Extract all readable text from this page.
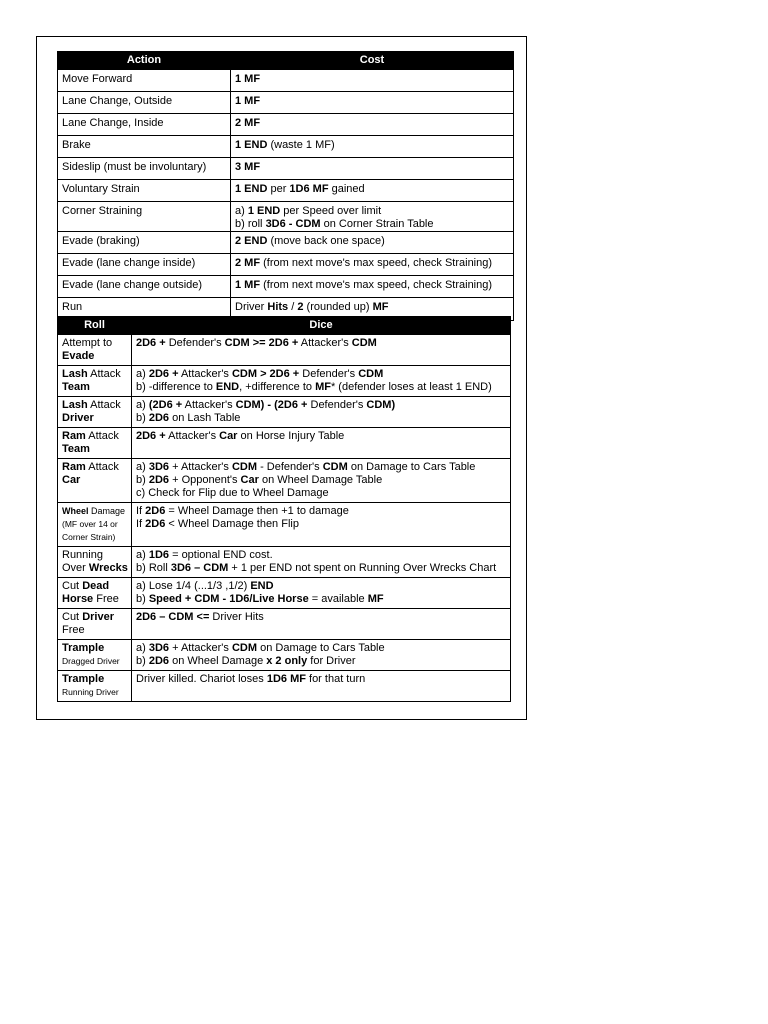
Action	Cost
Move Forward	1 MF
Lane Change, Outside	1 MF
Lane Change, Inside	2 MF
Brake	1 END (waste 1 MF)
Sideslip (must be involuntary)	3 MF
Voluntary Strain	1 END per 1D6 MF gained
Corner Straining	a) 1 END per Speed over limit
b) roll 3D6 - CDM on Corner Strain Table
Evade (braking)	2 END (move back one space)
Evade (lane change inside)	2 MF (from next move's max speed, check Straining)
Evade (lane change outside)	1 MF (from next move's max speed, check Straining)
Run	Driver Hits / 2 (rounded up) MF
Roll	Dice
Attempt to
Evade	2D6 + Defender's CDM >= 2D6 + Attacker's CDM
Lash Attack
Team	a) 2D6 + Attacker's CDM > 2D6 + Defender's CDM
b) -difference to END, +difference to MF* (defender loses at least 1 END)
Lash Attack
Driver	a) (2D6 + Attacker's CDM) - (2D6 + Defender's CDM)
b) 2D6 on Lash Table
Ram Attack
Team	2D6 + Attacker's Car on Horse Injury Table
Ram Attack
Car	a) 3D6 + Attacker's CDM - Defender's CDM on Damage to Cars Table
b) 2D6 + Opponent's Car on Wheel Damage Table
c) Check for Flip due to Wheel Damage
Wheel Damage
(MF over 14 or
Corner Strain)	If 2D6 = Wheel Damage then +1 to damage
If 2D6 < Wheel Damage then Flip
Running
Over Wrecks	a) 1D6 = optional END cost.
b) Roll 3D6 – CDM + 1 per END not spent on Running Over Wrecks Chart
Cut Dead
Horse Free	a) Lose 1/4 (...1/3 ,1/2) END
b) Speed + CDM - 1D6/Live Horse = available MF
Cut Driver
Free	2D6 – CDM <= Driver Hits
Trample
Dragged Driver	a) 3D6 + Attacker's CDM on Damage to Cars Table
b) 2D6 on Wheel Damage x 2 only for Driver
Trample
Running Driver	Driver killed. Chariot loses 1D6 MF for that turn
